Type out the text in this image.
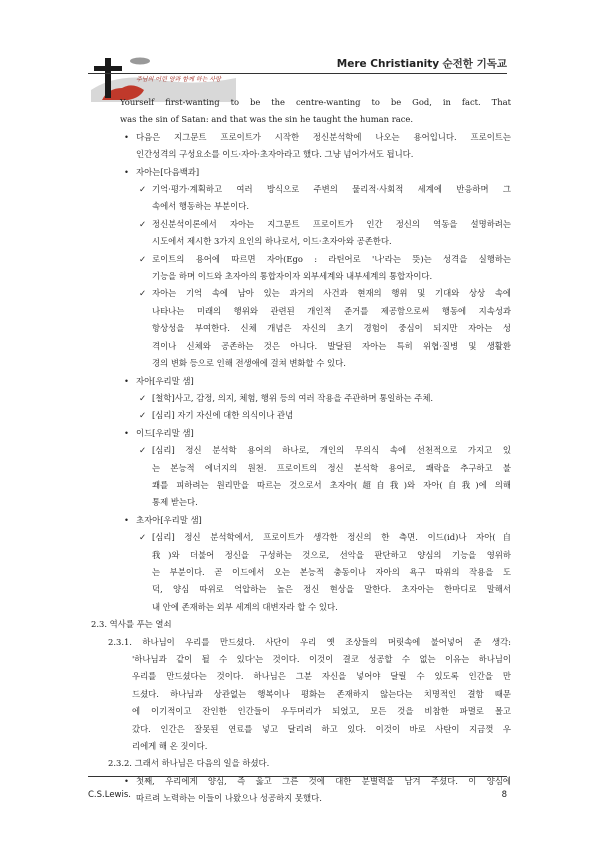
주님의 어린 양과 함께 하는 사랑
Mere Christianity 순전한 기독교
Yourself first-wanting to be the centre-wanting to be God, in fact. That
was the sin of Satan: and that was the sin he taught the human race.
• 다음은 지그문트 프로이트가 시작한 정신분석학에 나오는 용어입니다. 프로이트는
인간성격의 구성요소를 이드·자아·초자아라고 했다. 그냥 넘어가셔도 됩니다.
• 자아는[다음백과]
✓ 기억·평가·계획하고 여러 방식으로 주변의 물리적·사회적 세계에 반응하며 그
속에서 행동하는 부분이다.
✓ 정신분석이론에서 자아는 지그문트 프로이트가 인간 정신의 역동을 설명하려는
시도에서 제시한 3가지 요인의 하나로서, 이드·초자아와 공존한다.
✓ 로이트의 용어에 따르면 자아(Ego : 라틴어로 '나'라는 뜻)는 성격을 실행하는
기능을 하며 이드와 초자아의 통합자이자 외부세계와 내부세계의 통합자이다.
✓ 자아는 기억 속에 남아 있는 과거의 사건과 현재의 행위 및 기대와 상상 속에
나타나는 미래의 행위와 관련된 개인적 준거를 제공함으로써 행동에 지속성과
항상성을 부여한다. 신체 개념은 자신의 초기 경험이 중심이 되지만 자아는 성
격이나 신체와 공존하는 것은 아니다. 발달된 자아는 특히 위협·질병 및 생활환
경의 변화 등으로 인해 전생애에 걸쳐 변화할 수 있다.
• 자아[우리말 샘]
✓ [철학]사고, 감정, 의지, 체험, 행위 등의 여러 작용을 주관하며 통일하는 주체.
✓ [심리] 자기 자신에 대한 의식이나 관념
• 이드[우리말 샘]
✓ [심리] 정신 분석학 용어의 하나로, 개인의 무의식 속에 선천적으로 가지고 있
는 본능적 에너지의 원천. 프로이트의 정신 분석학 용어로, 쾌락을 추구하고 불
쾌를 피하려는 원리만을 따르는 것으로서 초자아(超自我)와 자아(自我)에 의해
통제 받는다.
• 초자아[우리말 샘]
✓ [심리] 정신 분석학에서, 프로이트가 생각한 정신의 한 측면. 이드(id)나 자아(自
我)와 더불어 정신을 구성하는 것으로, 선악을 판단하고 양심의 기능을 영위하
는 부분이다. 곧 이드에서 오는 본능적 충동이나 자아의 욕구 따위의 작용을 도
덕, 양심 따위로 억압하는 높은 정신 현상을 말한다. 초자아는 한마디로 말해서
내 안에 존재하는 외부 세계의 대변자라 할 수 있다.
2.3. 역사를 푸는 열쇠
2.3.1. 하나님이 우리를 만드셨다. 사단이 우리 옛 조상들의 머릿속에 불어넣어 준 생각:
'하나님과 같이 될 수 있다'는 것이다. 이것이 결코 성공할 수 없는 이유는 하나님이
우리를 만드셨다는 것이다. 하나님은 그분 자신을 넣어야 달릴 수 있도록 인간을 만
드셨다. 하나님과 상관없는 행복이나 평화는 존재하지 않는다는 치명적인 결함 때문
에 이기적이고 잔인한 인간들이 우두머리가 되었고, 모든 것을 비참한 파멸로 몰고
갔다. 인간은 잘못된 연료를 넣고 달리려 하고 있다. 이것이 바로 사탄이 지금껏 우
리에게 해 온 짓이다.
2.3.2. 그래서 하나님은 다음의 일을 하셨다.
• 첫째, 우리에게 양심, 즉 옳고 그른 것에 대한 분별력을 남겨 주셨다. 이 양심에
따르려 노력하는 이들이 나왔으나 성공하지 못했다.
C.S.Lewis.	8
